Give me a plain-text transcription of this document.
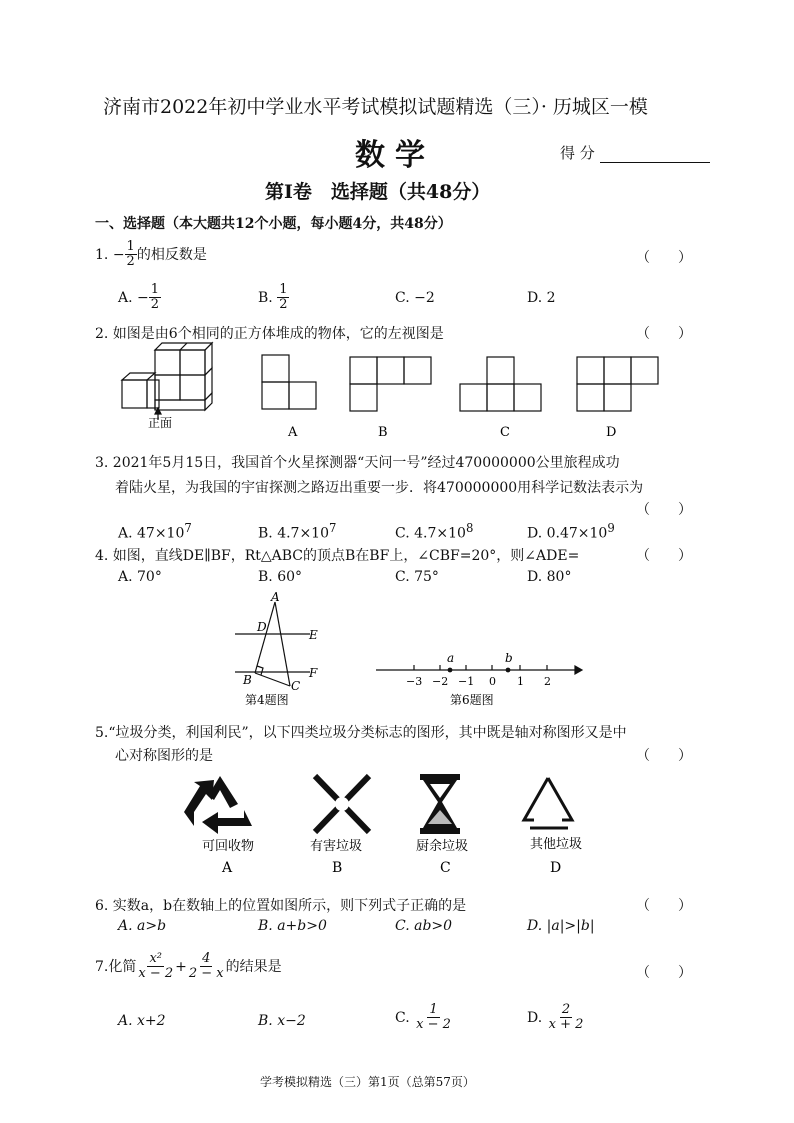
济南市2022年初中学业水平考试模拟试题精选（三）· 历城区一模
数学	得 分
第Ⅰ卷　选择题（共48分）
一、选择题（本大题共12个小题，每小题4分，共48分）
1. − $\frac{1}{2}$ 的相反数是	（　　）
A. − $\frac{1}{2}$	B. $\frac{1}{2}$	C. −2	D. 2
2. 如图是由6个相同的正方体堆成的物体，它的左视图是	（　　）
正面
A	B	C	D
3. 2021年5月15日，我国首个火星探测器“天问一号”经过470000000公里旅程成功
着陆火星，为我国的宇宙探测之路迈出重要一步．将470000000用科学记数法表示为
（　　）
A. $47\times 10^7$	B. $4.7\times 10^7$	C. $4.7\times 10^8$	D. $0.47\times 10^9$
4. 如图，直线DE∥BF，Rt△ABC的顶点B在BF上，∠CBF=20°，则∠ADE=	（　　）
A. 70°	B. 60°	C. 75°	D. 80°
A
D
E
B	F
C
第4题图
a	b
−3 −2 −1 0 1 2
第6题图
5.“垃圾分类，利国利民”，以下四类垃圾分类标志的图形，其中既是轴对称图形又是中
心对称图形的是	（　　）
可回收物	有害垃圾	厨余垃圾	其他垃圾
A	B	C	D
6. 实数a，b在数轴上的位置如图所示，则下列式子正确的是	（　　）
A. a>b	B. a+b>0	C. ab>0	D. |a|>|b|
7.化简 $\frac{\text{x²}}{x - 2} + \frac{4}{2 - x}$ 的结果是	（　　）
A. x+2	B. x−2	C. $\frac{1}{x - 2}$	D. $\frac{2}{x + 2}$
学考模拟精选（三）第1页（总第57页）
